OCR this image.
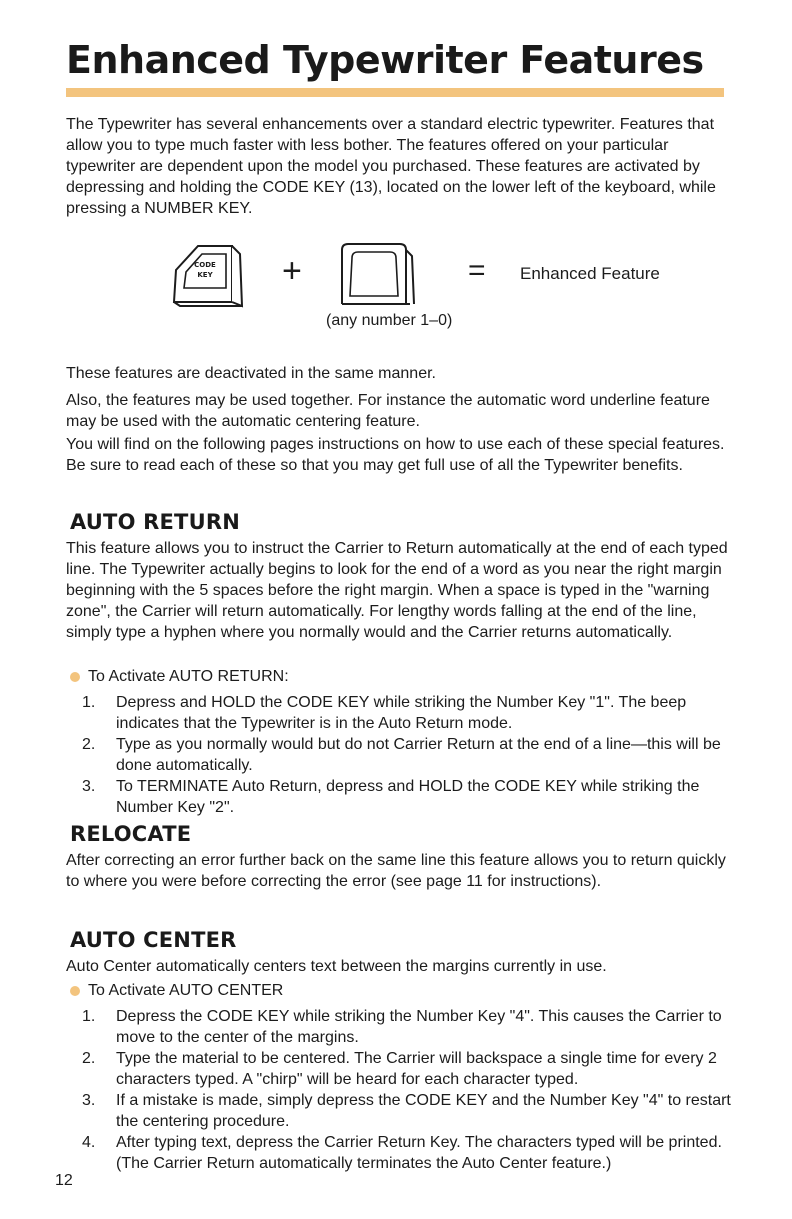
Enhanced Typewriter Features

The Typewriter has several enhancements over a standard electric typewriter. Features that allow you to type much faster with less bother. The features offered on your particular typewriter are dependent upon the model you purchased. These features are activated by depressing and holding the CODE KEY (13), located on the lower left of the keyboard, while pressing a NUMBER KEY.

CODE
KEY +	= Enhanced Feature
(any number 1–0)

These features are deactivated in the same manner.

Also, the features may be used together. For instance the automatic word underline feature may be used with the automatic centering feature.

You will find on the following pages instructions on how to use each of these special features. Be sure to read each of these so that you may get full use of all the Typewriter benefits.

AUTO RETURN

This feature allows you to instruct the Carrier to Return automatically at the end of each typed line. The Typewriter actually begins to look for the end of a word as you near the right margin beginning with the 5 spaces before the right margin. When a space is typed in the "warning zone", the Carrier will return automatically. For lengthy words falling at the end of the line, simply type a hyphen where you normally would and the Carrier returns automatically.

To Activate AUTO RETURN:
1.	Depress and HOLD the CODE KEY while striking the Number Key "1". The beep indicates that the Typewriter is in the Auto Return mode.
2.	Type as you normally would but do not Carrier Return at the end of a line—this will be done automatically.
3.	To TERMINATE Auto Return, depress and HOLD the CODE KEY while striking the Number Key "2".
RELOCATE

After correcting an error further back on the same line this feature allows you to return quickly to where you were before correcting the error (see page 11 for instructions).

AUTO CENTER

Auto Center automatically centers text between the margins currently in use.

To Activate AUTO CENTER
1.	Depress the CODE KEY while striking the Number Key "4". This causes the Carrier to move to the center of the margins.
2.	Type the material to be centered. The Carrier will backspace a single time for every 2 characters typed. A "chirp" will be heard for each character typed.
3.	If a mistake is made, simply depress the CODE KEY and the Number Key "4" to restart the centering procedure.
4.	After typing text, depress the Carrier Return Key. The characters typed will be printed. (The Carrier Return automatically terminates the Auto Center feature.)
12
